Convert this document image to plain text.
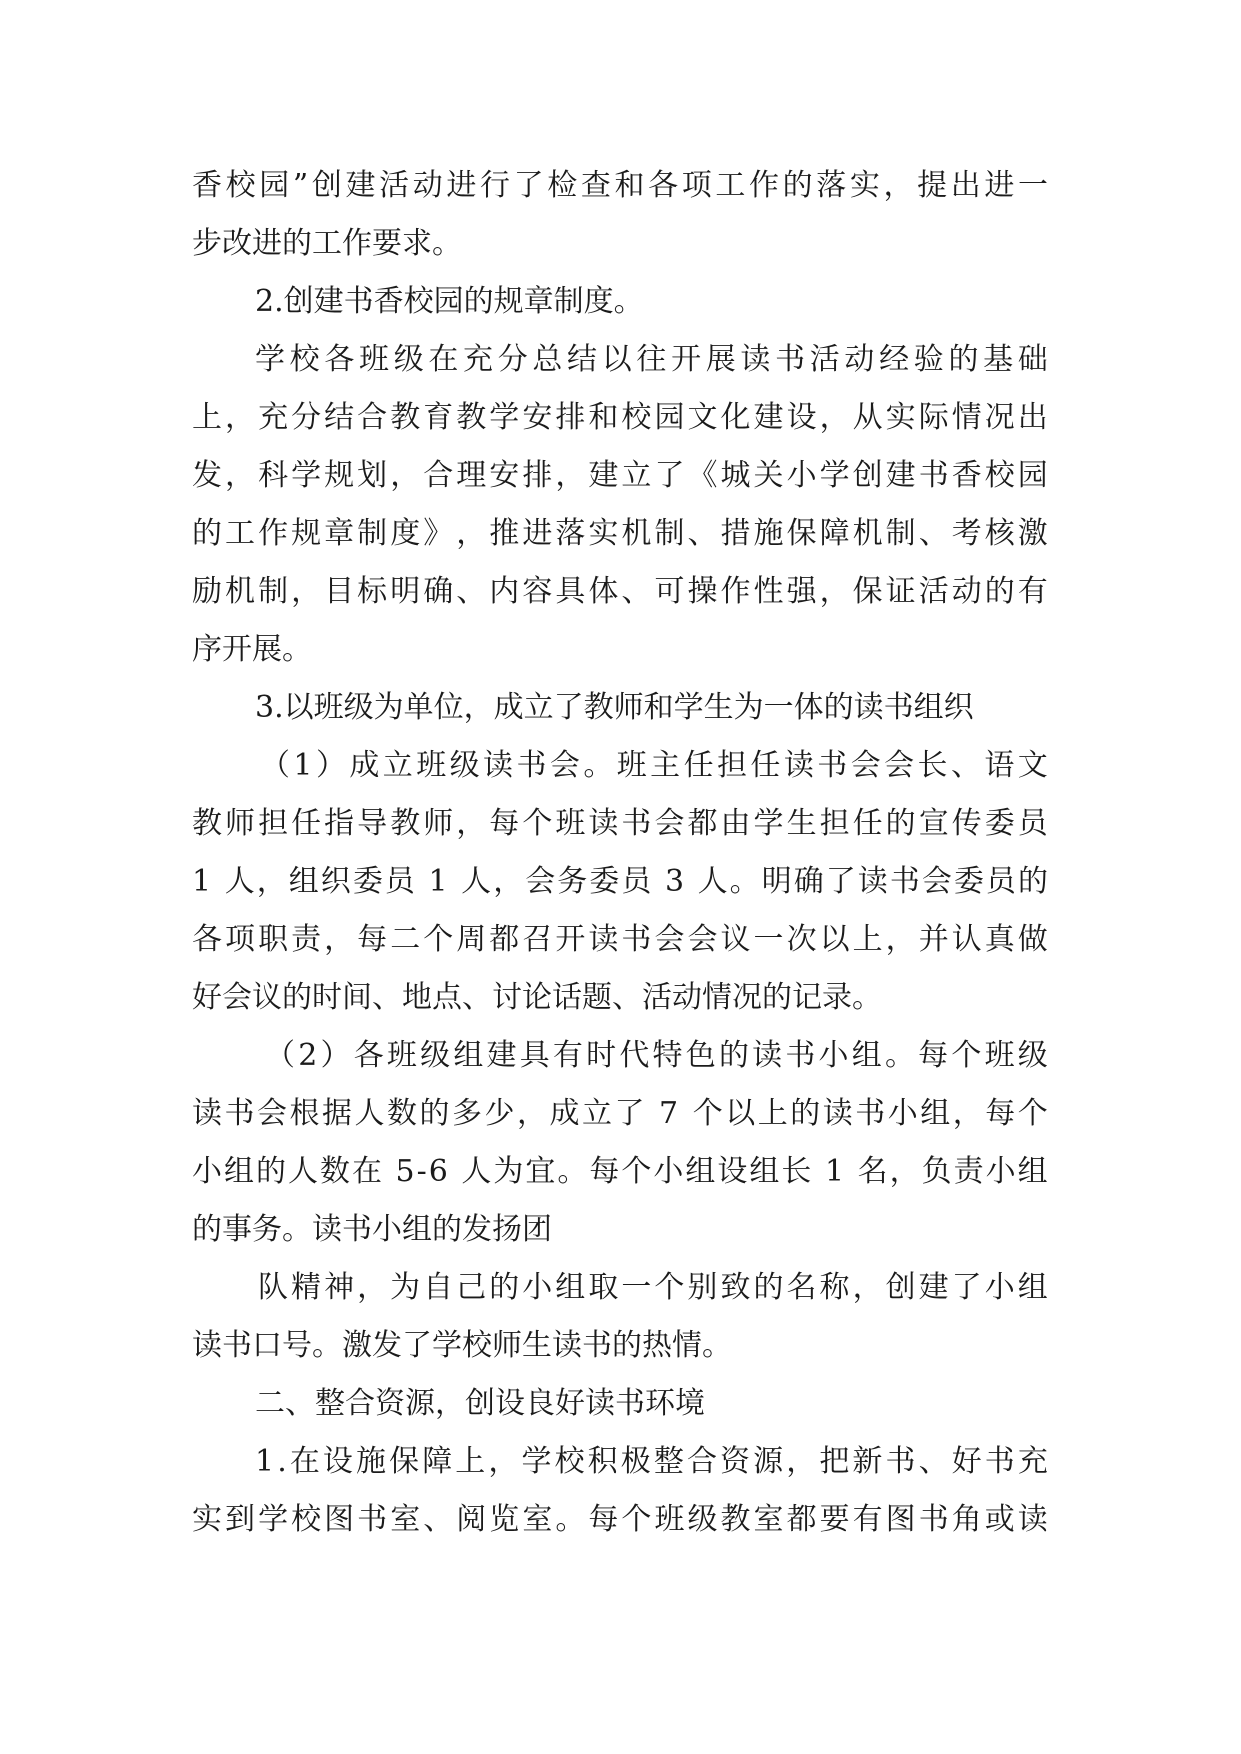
香 校 园 ” 创 建 活 动 进 行 了 检 查 和 各 项 工 作 的 落 实 ， 提 出 进 一

步改进的工作要求。

2.创建书香校园的规章制度。

学 校 各 班 级 在 充 分 总 结 以 往 开 展 读 书 活 动 经 验 的 基 础

上 ， 充 分 结 合 教 育 教 学 安 排 和 校 园 文 化 建 设 ， 从 实 际 情 况 出

发 ， 科 学 规 划 ， 合 理 安 排 ， 建 立 了 《 城 关 小 学 创 建 书 香 校 园

的 工 作 规 章 制 度 》 ， 推 进 落 实 机 制 、 措 施 保 障 机 制 、 考 核 激

励 机 制 ， 目 标 明 确 、 内 容 具 体 、 可 操 作 性 强 ， 保 证 活 动 的 有

序开展。

3.以班级为单位，成立了教师和学生为一体的读书组织

（ 1 ） 成 立 班 级 读 书 会 。 班 主 任 担 任 读 书 会 会 长 、 语 文

教 师 担 任 指 导 教 师 ， 每 个 班 读 书 会 都 由 学 生 担 任 的 宣 传 委 员

1
人 ， 组 织 委 员
1
人 ， 会 务 委 员
3
人 。 明 确 了 读 书 会 委 员 的

各 项 职 责 ， 每 二 个 周 都 召 开 读 书 会 会 议 一 次 以 上 ， 并 认 真 做

好会议的时间、地点、讨论话题、活动情况的记录。

（ 2 ） 各 班 级 组 建 具 有 时 代 特 色 的 读 书 小 组 。 每 个 班 级

读 书 会 根 据 人 数 的 多 少 ， 成 立 了
7
个 以 上 的 读 书 小 组 ， 每 个

小 组 的 人 数 在
5 - 6
人 为 宜 。 每 个 小 组 设 组 长
1
名 ， 负 责 小 组

的事务。读书小组的发扬团

队 精 神 ， 为 自 己 的 小 组 取 一 个 别 致 的 名 称 ， 创 建 了 小 组

读书口号。激发了学校师生读书的热情。

二、整合资源，创设良好读书环境

1 . 在 设 施 保 障 上 ， 学 校 积 极 整 合 资 源 ， 把 新 书 、 好 书 充

实 到 学 校 图 书 室 、 阅 览 室 。 每 个 班 级 教 室 都 要 有 图 书 角 或 读
